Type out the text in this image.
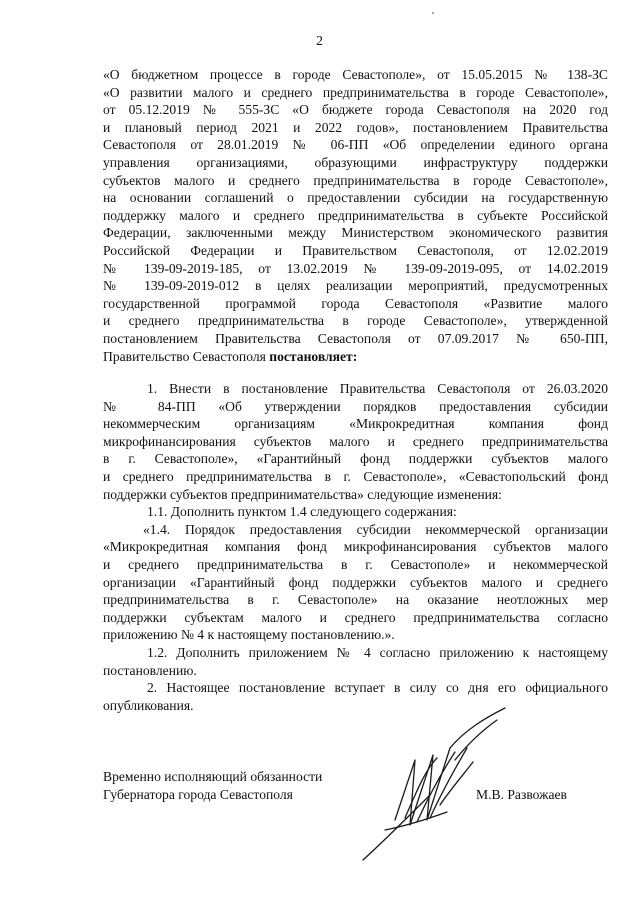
2
«О бюджетном процессе в городе Севастополе», от 15.05.2015 № 138-ЗС
«О развитии малого и среднего предпринимательства в городе Севастополе»,
от 05.12.2019 № 555-ЗС «О бюджете города Севастополя на 2020 год
и плановый период 2021 и 2022 годов», постановлением Правительства
Севастополя от 28.01.2019 № 06-ПП «Об определении единого органа
управления организациями, образующими инфраструктуру поддержки
субъектов малого и среднего предпринимательства в городе Севастополе»,
на основании соглашений о предоставлении субсидии на государственную
поддержку малого и среднего предпринимательства в субъекте Российской
Федерации, заключенными между Министерством экономического развития
Российской Федерации и Правительством Севастополя, от 12.02.2019
№ 139-09-2019-185, от 13.02.2019 № 139-09-2019-095, от 14.02.2019
№ 139-09-2019-012 в целях реализации мероприятий, предусмотренных
государственной программой города Севастополя «Развитие малого
и среднего предпринимательства в городе Севастополе», утвержденной
постановлением Правительства Севастополя от 07.09.2017 № 650-ПП,
Правительство Севастополя постановляет:
1. Внести в постановление Правительства Севастополя от 26.03.2020
№ 84-ПП «Об утверждении порядков предоставления субсидии
некоммерческим организациям «Микрокредитная компания фонд
микрофинансирования субъектов малого и среднего предпринимательства
в г. Севастополе», «Гарантийный фонд поддержки субъектов малого
и среднего предпринимательства в г. Севастополе», «Севастопольский фонд
поддержки субъектов предпринимательства» следующие изменения:
1.1. Дополнить пунктом 1.4 следующего содержания:
«1.4. Порядок предоставления субсидии некоммерческой организации
«Микрокредитная компания фонд микрофинансирования субъектов малого
и среднего предпринимательства в г. Севастополе» и некоммерческой
организации «Гарантийный фонд поддержки субъектов малого и среднего
предпринимательства в г. Севастополе» на оказание неотложных мер
поддержки субъектам малого и среднего предпринимательства согласно
приложению № 4 к настоящему постановлению.».
1.2. Дополнить приложением № 4 согласно приложению к настоящему
постановлению.
2. Настоящее постановление вступает в силу со дня его официального
опубликования.
Временно исполняющий обязанности
Губернатора города Севастополя	М.В. Развожаев
